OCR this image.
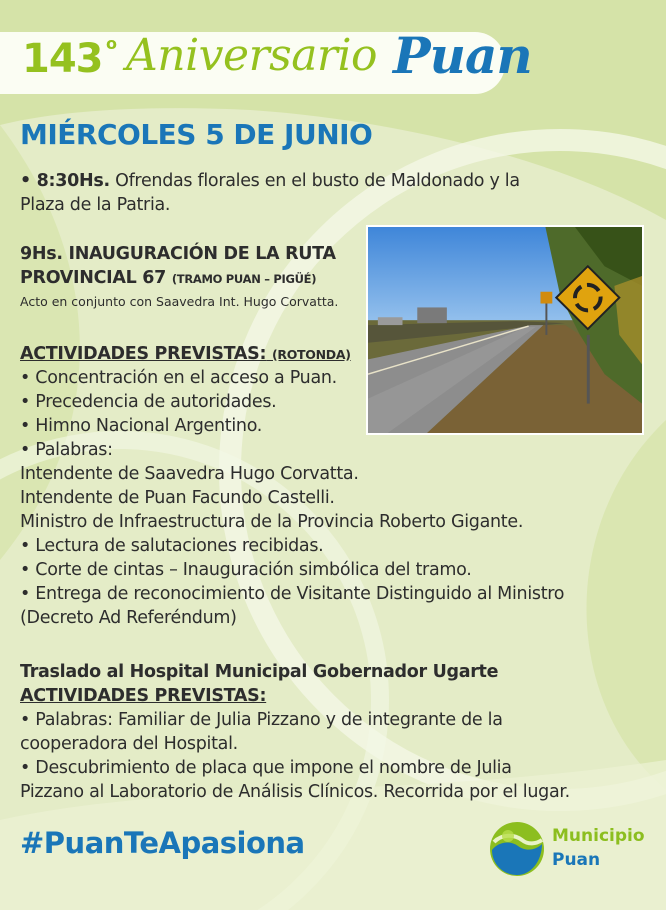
143 o Aniversario Puan
MIÉRCOLES 5 DE JUNIO
• 8:30Hs. Ofrendas florales en el busto de Maldonado y la
Plaza de la Patria.
9Hs. INAUGURACIÓN DE LA RUTA
PROVINCIAL 67 (TRAMO PUAN – PIGÜÉ)
Acto en conjunto con Saavedra Int. Hugo Corvatta.
ACTIVIDADES PREVISTAS: (ROTONDA)
• Concentración en el acceso a Puan.
• Precedencia de autoridades.
• Himno Nacional Argentino.
• Palabras:
Intendente de Saavedra Hugo Corvatta.
Intendente de Puan Facundo Castelli.
Ministro de Infraestructura de la Provincia Roberto Gigante.
• Lectura de salutaciones recibidas.
• Corte de cintas – Inauguración simbólica del tramo.
• Entrega de reconocimiento de Visitante Distinguido al Ministro
(Decreto Ad Referéndum)
Traslado al Hospital Municipal Gobernador Ugarte
ACTIVIDADES PREVISTAS:
• Palabras: Familiar de Julia Pizzano y de integrante de la
cooperadora del Hospital.
• Descubrimiento de placa que impone el nombre de Julia
Pizzano al Laboratorio de Análisis Clínicos. Recorrida por el lugar.
#PuanTeApasiona	Municipio
Puan
